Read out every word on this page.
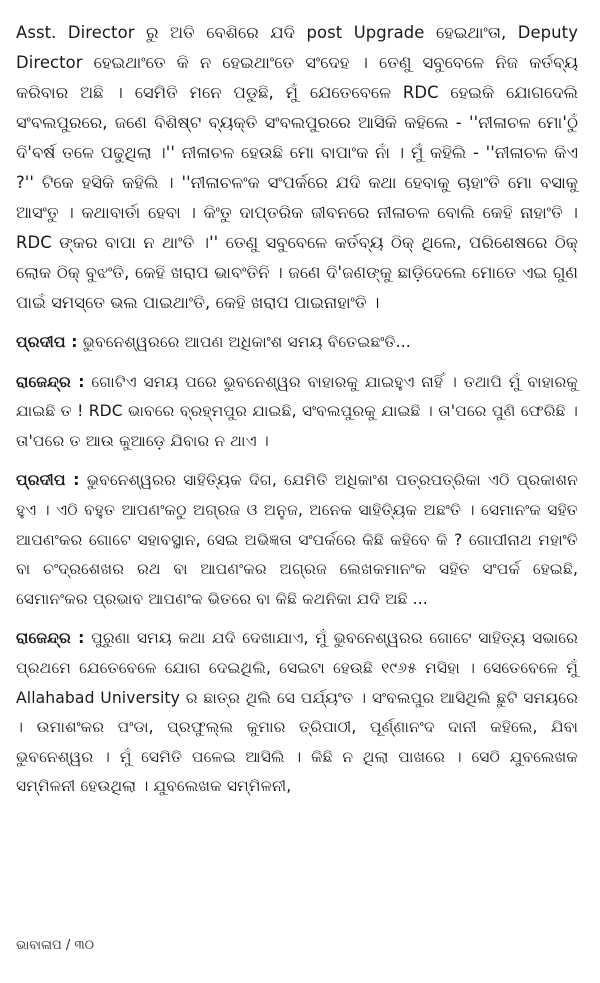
Asst. Director ରୁ ଅତି ବେଶିରେ ଯଦି post Upgrade ହେଇଥାଂତା, Deputy Director ହେଇଥାଂତେ କି ନ ହେଇଥାଂତେ ସଂଦେହ । ତେଣୁ ସବୁବେଳେ ନିଜ କର୍ତବ୍ୟ କରିବାର ଅଛି । ସେମିତି ମନେ ପଡୁଛି, ମୁଁ ଯେତେବେଳେ RDC ହେଇକି ଯୋଗଦେଲି ସଂବଲପୁରରେ, ଜଣେ ବିଶିଷ୍ଟ ବ୍ୟକ୍ତି ସଂବଲପୁରରେ ଆସିକି କହିଲେ - ''ନୀଳାଚଳ ମୋ'ଠୁଁ ଦି'ବର୍ଷ ତଳେ ପଢୁଥିଲା ।'' ନୀଳାଚଳ ହେଉଛି ମୋ ବାପାଂକ ନାଁ । ମୁଁ କହିଲି - ''ନୀଳାଚଳ କିଏ ?'' ଟିକେ ହସିକି କହିଲି । ''ନୀଳାଚଳଂକ ସଂପର୍କରେ ଯଦି କଥା ହେବାକୁ ଚାହାଂତି ମୋ ବସାକୁ ଆସଂତୁ । କଥାବାର୍ତା ହେବା । କିଂତୁ ଦାପ୍ତରିକ ଜୀବନରେ ନୀଳାଚଳ ବୋଲି କେହି ନାହାଂତି । RDC ଙ୍କର ବାପା ନ ଥାଂତି ।'' ତେଣୁ ସବୁବେଳେ କର୍ତବ୍ୟ ଠିକ୍ ଥିଲେ, ପରିଶେଷରେ ଠିକ୍ ଲୋକ ଠିକ୍ ବୁଝଂତି, କେହି ଖରାପ ଭାବଂତିନି । ଜଣେ ଦି'ଜଣଙ୍କୁ ଛାଡ଼ିଦେଲେ ମୋତେ ଏଇ ଗୁଣ ପାଇଁ ସମସ୍ତେ ଭଲ ପାଇଥାଂତି, କେହି ଖରାପ ପାଇନାହାଂତି ।

ପ୍ରଦୀପ : ଭୁବନେଶ୍ୱରରେ ଆପଣ ଅଧିକାଂଶ ସମୟ ବିତେଇଛଂତି...

ରାଜେନ୍ଦ୍ର : ଗୋଟିଏ ସମୟ ପରେ ଭୁବନେଶ୍ୱର ବାହାରକୁ ଯାଇହୁଏ ନାହିଁ । ତଥାପି ମୁଁ ବାହାରକୁ ଯାଇଛି ତ ! RDC ଭାବରେ ବ୍ରହ୍ମପୁର ଯାଇଛି, ସଂବଲପୁରକୁ ଯାଇଛି । ତା'ପରେ ପୁଣି ଫେରିଛି । ତା'ପରେ ତ ଆଉ କୁଆଡ଼େ ଯିବାର ନ ଥାଏ ।

ପ୍ରଦୀପ : ଭୁବନେଶ୍ୱରର ସାହିତ୍ୟିକ ଦିଗ, ଯେମିତି ଅଧିକାଂଶ ପତ୍ରପତ୍ରିକା ଏଠି ପ୍ରକାଶନ ହୁଏ । ଏଠି ବହୁତ ଆପଣଂକଠୁ ଅଗ୍ରଜ ଓ ଅନୁଜ, ଅନେକ ସାହିତ୍ୟିକ ଅଛଂତି । ସେମାନଂକ ସହିତ ଆପଣଂକର ଗୋଟେ ସହାବସ୍ଥାନ, ସେଇ ଅଭିଜ୍ଞତା ସଂପର୍କରେ କିଛି କହିବେ କି ? ଗୋପୀନାଥ ମହାଂତି ବା ଚଂଦ୍ରଶେଖର ରଥ ବା ଆପଣଂକର ଅଗ୍ରଜ ଲେଖକମାନଂକ ସହିତ ସଂପର୍କ ହେଇଛି, ସେମାନଂକର ପ୍ରଭାବ ଆପଣଂକ ଭିତରେ ବା କିଛି କଥନିକା ଯଦି ଅଛି ...

ରାଜେନ୍ଦ୍ର : ପୁରୁଣା ସମୟ କଥା ଯଦି ଦେଖାଯାଏ, ମୁଁ ଭୁବନେଶ୍ୱରର ଗୋଟେ ସାହିତ୍ୟ ସଭାରେ ପ୍ରଥମେ ଯେତେବେଳେ ଯୋଗ ଦେଇଥିଲି, ସେଇଟା ହେଉଛି ୧୯୬୫ ମସିହା । ସେତେବେଳେ ମୁଁ Allahabad University ର ଛାତ୍ର ଥିଲି ସେ ପର୍ଯ୍ୟଂତ । ସଂବଲପୁର ଆସିଥିଲି ଛୁଟି ସମୟରେ । ଉମାଶଂକର ପଂଡା, ପ୍ରଫୁଲ୍ଲ କୁମାର ତ୍ରିପାଠୀ, ପୂର୍ଣ୍ଣାନଂଦ ଦାନୀ କହିଲେ, ଯିବା ଭୁବନେଶ୍ୱର । ମୁଁ ସେମିତି ପଳେଇ ଆସିଲି । କିଛି ନ ଥିଲା ପାଖରେ । ସେଠି ଯୁବଲେଖକ ସମ୍ମିଳନୀ ହେଉଥିଲା । ଯୁବଲେଖକ ସମ୍ମିଳନୀ,

ଭାବାଳାପ / ୩୦
